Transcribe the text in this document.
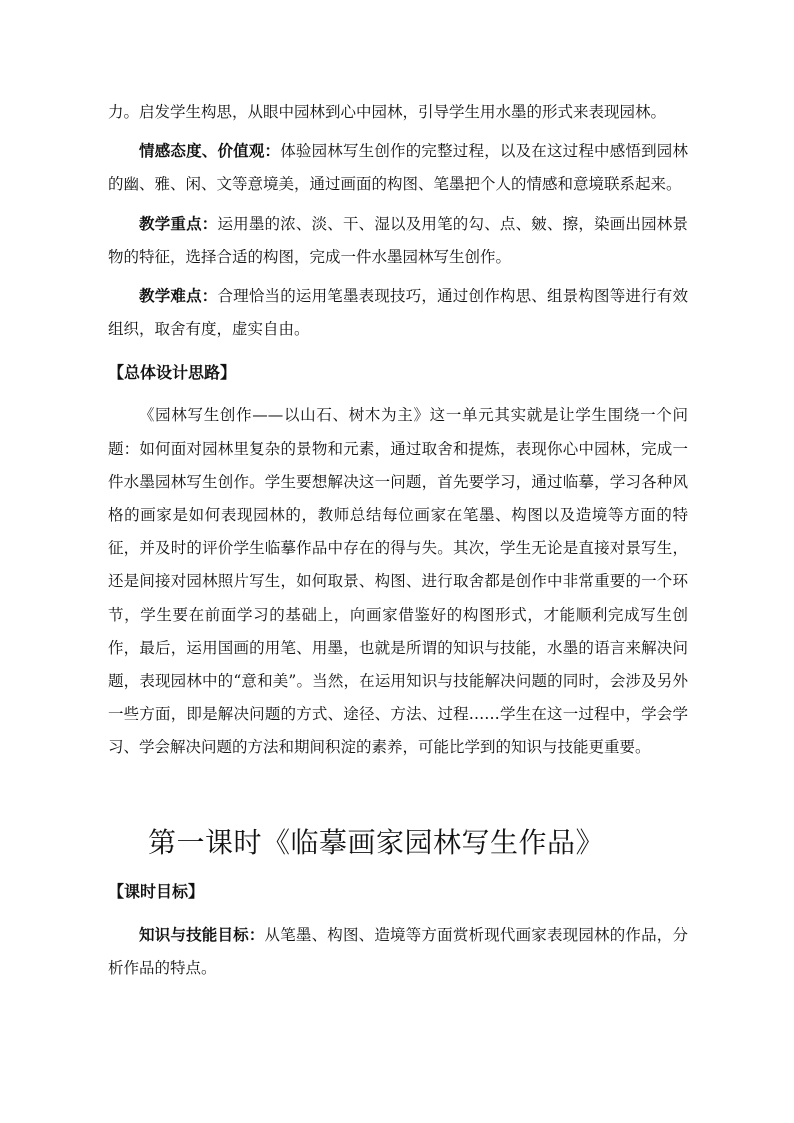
力。启发学生构思，从眼中园林到心中园林，引导学生用水墨的形式来表现园林。

情感态度、价值观：体验园林写生创作的完整过程，以及在这过程中感悟到园林的幽、雅、闲、文等意境美，通过画面的构图、笔墨把个人的情感和意境联系起来。

教学重点：运用墨的浓、淡、干、湿以及用笔的勾、点、皴、擦，染画出园林景物的特征，选择合适的构图，完成一件水墨园林写生创作。

教学难点：合理恰当的运用笔墨表现技巧，通过创作构思、组景构图等进行有效组织，取舍有度，虚实自由。

【总体设计思路】

《园林写生创作——以山石、树木为主》这一单元其实就是让学生围绕一个问题：如何面对园林里复杂的景物和元素，通过取舍和提炼，表现你心中园林，完成一件水墨园林写生创作。学生要想解决这一问题，首先要学习，通过临摹，学习各种风格的画家是如何表现园林的，教师总结每位画家在笔墨、构图以及造境等方面的特征，并及时的评价学生临摹作品中存在的得与失。其次，学生无论是直接对景写生，还是间接对园林照片写生，如何取景、构图、进行取舍都是创作中非常重要的一个环节，学生要在前面学习的基础上，向画家借鉴好的构图形式，才能顺利完成写生创作，最后，运用国画的用笔、用墨，也就是所谓的知识与技能，水墨的语言来解决问题，表现园林中的“意和美”。当然，在运用知识与技能解决问题的同时，会涉及另外一些方面，即是解决问题的方式、途径、方法、过程……学生在这一过程中，学会学习、学会解决问题的方法和期间积淀的素养，可能比学到的知识与技能更重要。

第一课时《临摹画家园林写生作品》

【课时目标】

知识与技能目标：从笔墨、构图、造境等方面赏析现代画家表现园林的作品，分析作品的特点。
